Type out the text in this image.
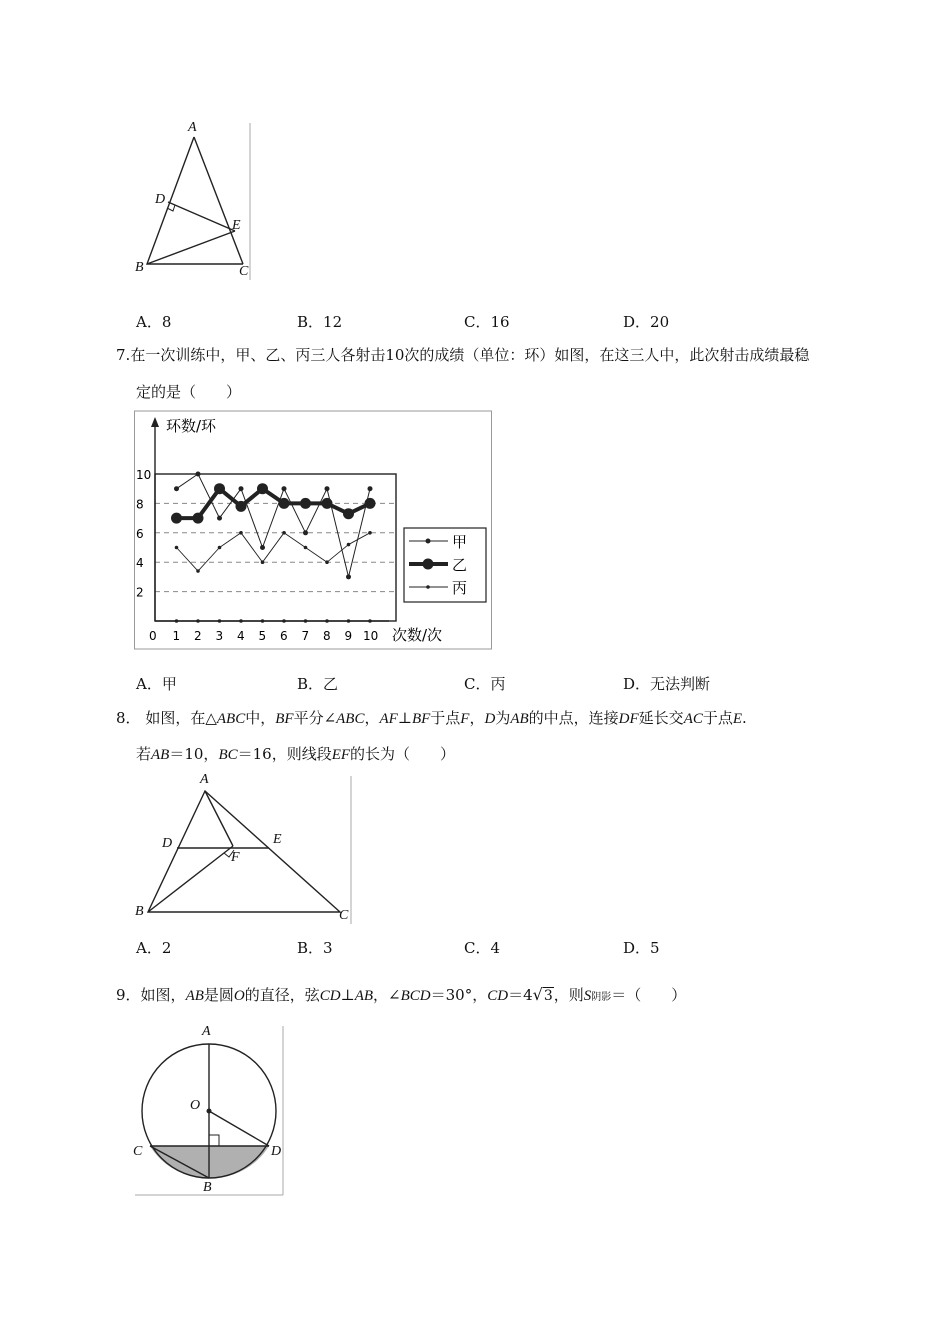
A
D
E
B	C
A．8	B．12	C．16	D．20
7.在一次训练中，甲、乙、丙三人各射击10次的成绩（单位：环）如图，在这三人中，此次射击成绩最稳
定的是（　　）
2
4
6
8
10
0 1 2 3 4 5 6 7 8 9 10
环数/环
次数/次
甲
乙
丙
A．甲	B．乙	C．丙	D．无法判断
8． 如图，在△ABC中，BF平分∠ABC，AF⊥BF于点F，D为AB的中点，连接DF延长交AC于点E.
若AB＝10，BC＝16，则线段EF的长为（　　）
A
D	E
F
B	C
A．2	B．3	C．4	D．5
9．如图，AB是圆O的直径，弦CD⊥AB，∠BCD＝30°，CD＝4√3，则S阴影＝（　　）
A
O
C	D
B
